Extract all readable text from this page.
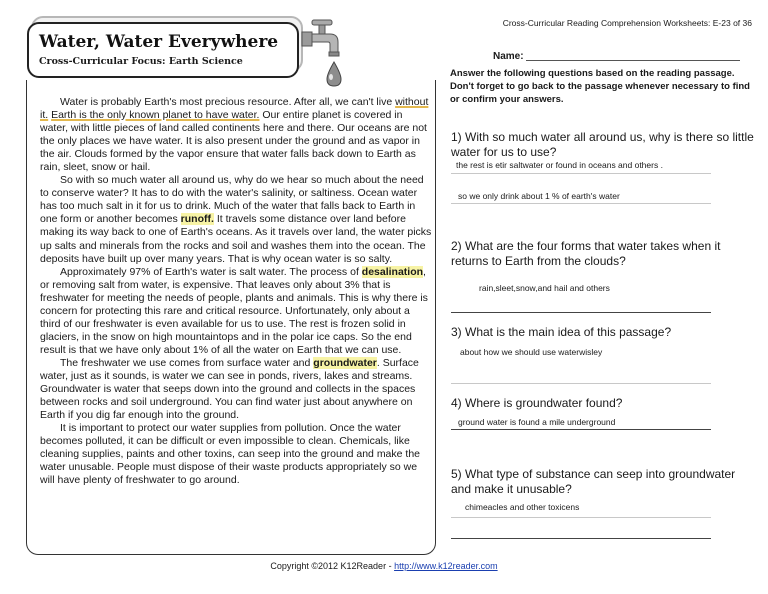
Cross-Curricular Reading Comprehension Worksheets: E-23 of 36
Water, Water Everywhere
Cross-Curricular Focus: Earth Science

Water is probably Earth's most precious resource. After all, we can't live without it. Earth is the only known planet to have water. Our entire planet is covered in water, with little pieces of land called continents here and there. Our oceans are not the only places we have water. It is also present under the ground and as vapor in the air. Clouds formed by the vapor ensure that water falls back down to Earth as rain, sleet, snow or hail.

So with so much water all around us, why do we hear so much about the need to conserve water? It has to do with the water's salinity, or saltiness. Ocean water has too much salt in it for us to drink. Much of the water that falls back to Earth in one form or another becomes runoff. It travels some distance over land before making its way back to one of Earth's oceans. As it travels over land, the water picks up salts and minerals from the rocks and soil and washes them into the ocean. The deposits have built up over many years. That is why ocean water is so salty.

Approximately 97% of Earth's water is salt water. The process of desalination, or removing salt from water, is expensive. That leaves only about 3% that is freshwater for meeting the needs of people, plants and animals. This is why there is concern for protecting this rare and critical resource. Unfortunately, only about a third of our freshwater is even available for us to use. The rest is frozen solid in glaciers, in the snow on high mountaintops and in the polar ice caps. So the end result is that we have only about 1% of all the water on Earth that we can use.

The freshwater we use comes from surface water and groundwater. Surface water, just as it sounds, is water we can see in ponds, rivers, lakes and streams. Groundwater is water that seeps down into the ground and collects in the spaces between rocks and soil underground. You can find water just about anywhere on Earth if you dig far enough into the ground.

It is important to protect our water supplies from pollution. Once the water becomes polluted, it can be difficult or even impossible to clean. Chemicals, like cleaning supplies, paints and other toxins, can seep into the ground and make the water unusable. People must dispose of their waste products appropriately so we will have plenty of freshwater to go around.

Name:
Answer the following questions based on the reading passage. Don't forget to go back to the passage whenever necessary to find or confirm your answers.
1) With so much water all around us, why is there so little water for us to use?
the rest is etir saltwater or found in oceans and others .
so we only drink about 1 % of earth's water
2) What are the four forms that water takes when it returns to Earth from the clouds?
rain,sleet,snow,and hail and others
3) What is the main idea of this passage?
about how we should use waterwisley
4) Where is groundwater found?
ground water is found a mile underground
5) What type of substance can seep into groundwater and make it unusable?
chimeacles and other toxicens
Copyright ©2012 K12Reader - http://www.k12reader.com
